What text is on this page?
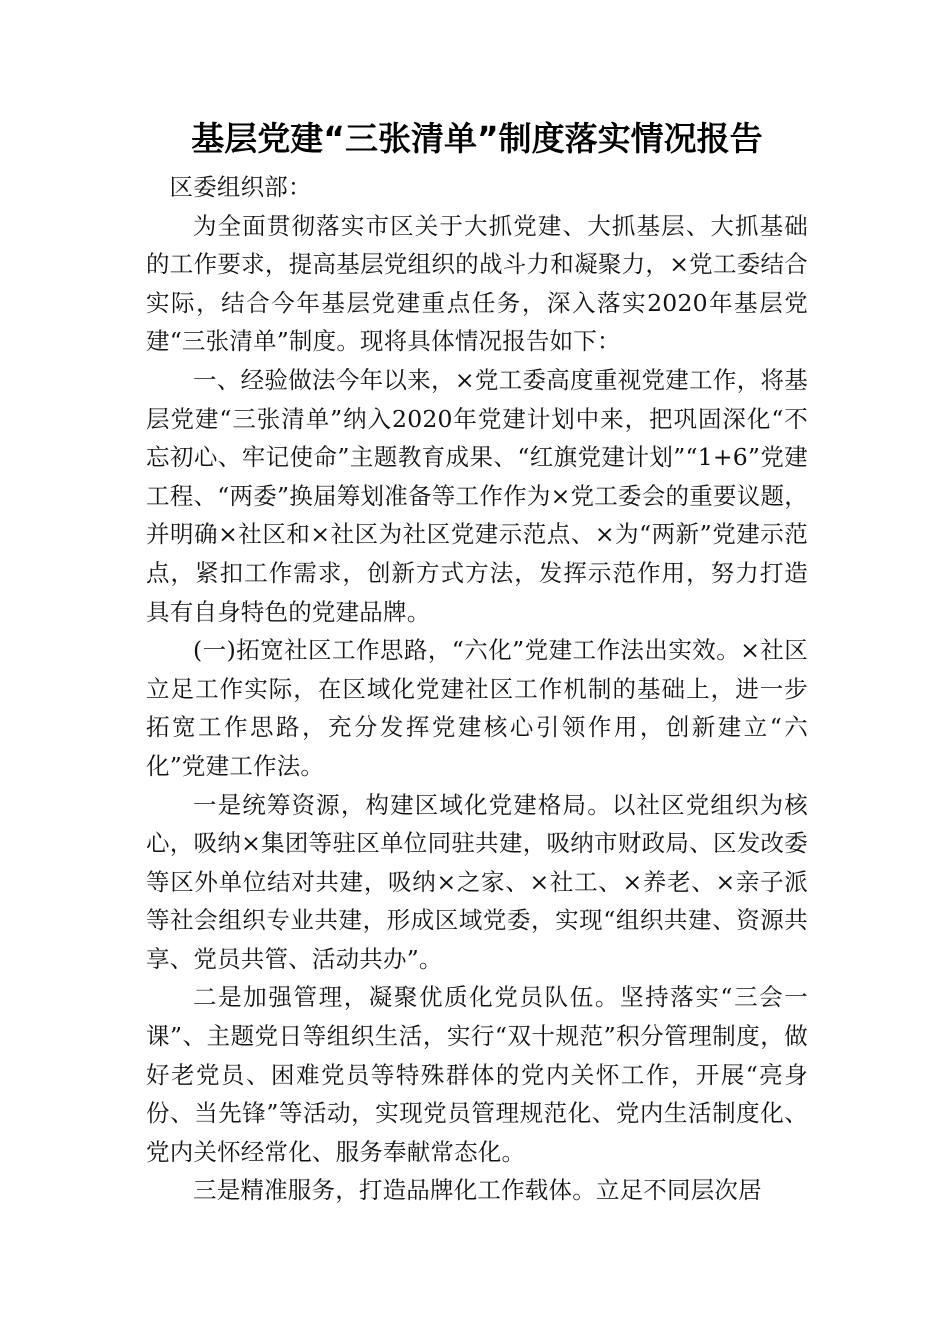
基层党建“三张清单”制度落实情况报告

区委组织部：

为全面贯彻落实市区关于大抓党建、大抓基层、大抓基础的工作要求，提高基层党组织的战斗力和凝聚力，×党工委结合实际，结合今年基层党建重点任务，深入落实2020年基层党建“三张清单”制度。现将具体情况报告如下：

一、经验做法今年以来，×党工委高度重视党建工作，将基层党建“三张清单”纳入2020年党建计划中来，把巩固深化“不忘初心、牢记使命”主题教育成果、“红旗党建计划”“1+6”党建工程、“两委”换届筹划准备等工作作为×党工委会的重要议题，并明确×社区和×社区为社区党建示范点、×为“两新”党建示范点，紧扣工作需求，创新方式方法，发挥示范作用，努力打造具有自身特色的党建品牌。

(一)拓宽社区工作思路，“六化”党建工作法出实效。×社区立足工作实际，在区域化党建社区工作机制的基础上，进一步拓宽工作思路，充分发挥党建核心引领作用，创新建立“六化”党建工作法。

一是统筹资源，构建区域化党建格局。以社区党组织为核心，吸纳×集团等驻区单位同驻共建，吸纳市财政局、区发改委等区外单位结对共建，吸纳×之家、×社工、×养老、×亲子派等社会组织专业共建，形成区域党委，实现“组织共建、资源共享、党员共管、活动共办”。

二是加强管理，凝聚优质化党员队伍。坚持落实“三会一课”、主题党日等组织生活，实行“双十规范”积分管理制度，做好老党员、困难党员等特殊群体的党内关怀工作，开展“亮身份、当先锋”等活动，实现党员管理规范化、党内生活制度化、党内关怀经常化、服务奉献常态化。

三是精准服务，打造品牌化工作载体。立足不同层次居
